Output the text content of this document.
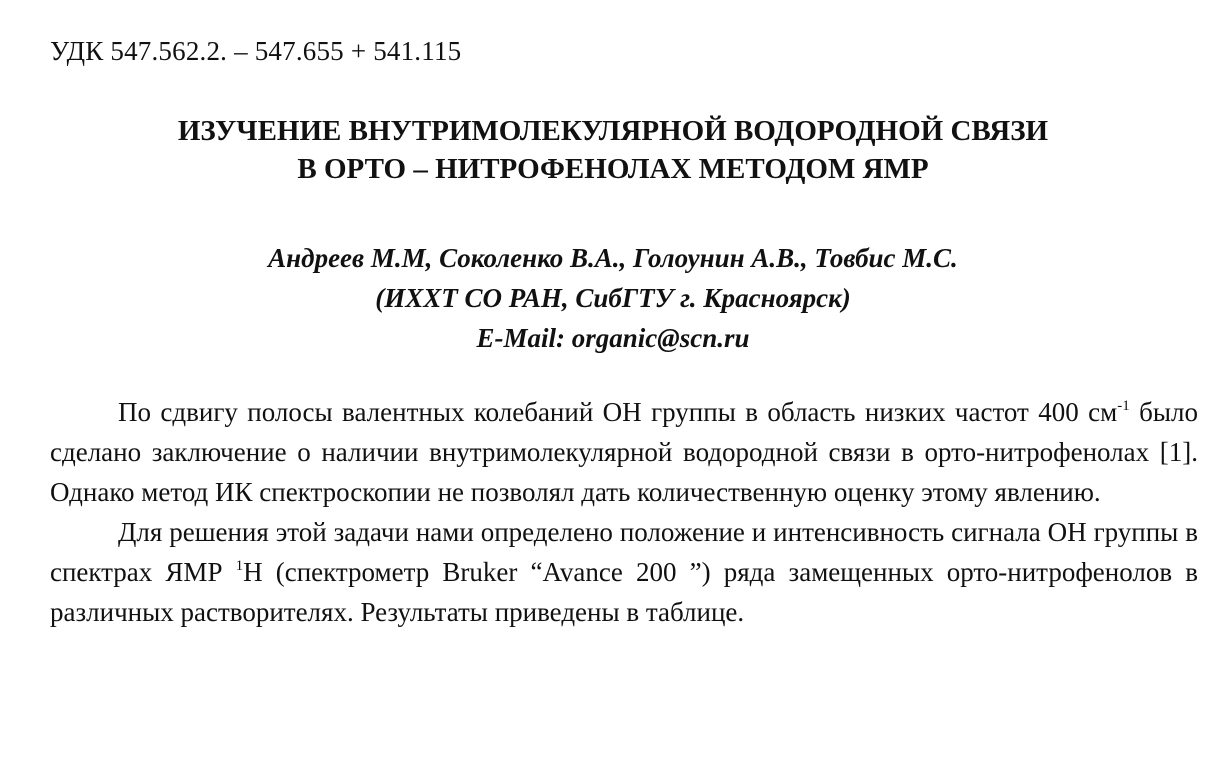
УДК 547.562.2. – 547.655 + 541.115
ИЗУЧЕНИЕ ВНУТРИМОЛЕКУЛЯРНОЙ ВОДОРОДНОЙ СВЯЗИ
В ОРТО – НИТРОФЕНОЛАХ МЕТОДОМ ЯМР
Андреев М.М, Соколенко В.А., Голоунин А.В., Товбис М.С.
(ИХХТ СО РАН, СибГТУ г. Красноярск)
E-Mail: organic@scn.ru

По сдвигу полосы валентных колебаний ОН группы в область низких частот 400 $см^{-1}$ было сделано заключение о наличии внутримолекулярной водородной связи в орто-нитрофенолах [1]. Однако метод ИК спектроскопии не позволял дать количественную оценку этому явлению.

Для решения этой задачи нами определено положение и интенсивность сигнала ОН группы в спектрах ЯМР $^1$Н (спектрометр Bruker “Avance 200 ”) ряда замещенных орто-нитрофенолов в различных растворителях. Результаты приведены в таблице.
